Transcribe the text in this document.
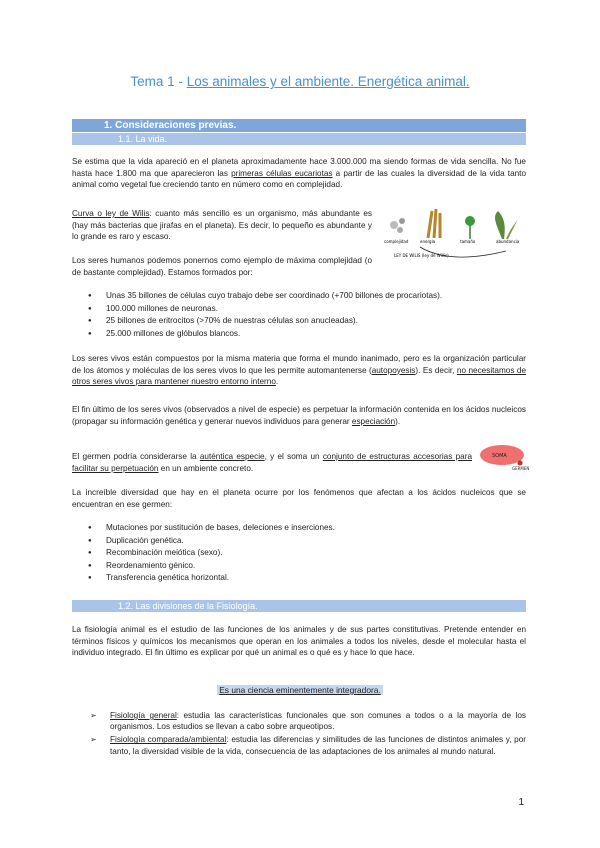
Tema 1 - Los animales y el ambiente. Energética animal.
1. Consideraciones previas.
1.1. La vida.

Se estima que la vida apareció en el planeta aproximadamente hace 3.000.000 ma siendo formas de vida sencilla. No fue hasta hace 1.800 ma que aparecieron las primeras células eucariotas a partir de las cuales la diversidad de la vida tanto animal como vegetal fue creciendo tanto en número como en complejidad.

Curva o ley de Wilis: cuanto más sencillo es un organismo, más abundante es (hay más bacterias que jirafas en el planeta). Es decir, lo pequeño es abundante y lo grande es raro y escaso.

complejidad	energía	tamaño	abundancia
LEY DE WILIS (ley de Willis)

Los seres humanos podemos ponernos como ejemplo de máxima complejidad (o de bastante complejidad). Estamos formados por:

● Unas 35 billones de células cuyo trabajo debe ser coordinado (+700 billones de procariotas).
● 100.000 millones de neuronas.
● 25 billones de eritrocitos (>70% de nuestras células son anucleadas).
● 25.000 millones de glóbulos blancos.

Los seres vivos están compuestos por la misma materia que forma el mundo inanimado, pero es la organización particular de los átomos y moléculas de los seres vivos lo que les permite automantenerse (autopoyesis). Es decir, no necesitamos de otros seres vivos para mantener nuestro entorno interno.

El fin último de los seres vivos (observados a nivel de especie) es perpetuar la información contenida en los ácidos nucleicos (propagar su información genética y generar nuevos individuos para generar especiación).

El germen podría considerarse la auténtica especie, y el soma un conjunto de estructuras accesorias para facilitar su perpetuación en un ambiente concreto.

SOMA
GERMEN

La increíble diversidad que hay en el planeta ocurre por los fenómenos que afectan a los ácidos nucleicos que se encuentran en ese germen:

● Mutaciones por sustitución de bases, deleciones e inserciones.
● Duplicación genética.
● Recombinación meiótica (sexo).
● Reordenamiento génico.
● Transferencia genética horizontal.
1.2. Las divisiones de la Fisiología.

La fisiología animal es el estudio de las funciones de los animales y de sus partes constitutivas. Pretende entender en términos físicos y químicos los mecanismos que operan en los animales a todos los niveles, desde el molecular hasta el individuo integrado. El fin último es explicar por qué un animal es o qué es y hace lo que hace.

Es una ciencia eminentemente integradora.
➢ Fisiología general: estudia las características funcionales que son comunes a todos o a la mayoría de los organismos. Los estudios se llevan a cabo sobre arqueotipos.
➢ Fisiología comparada/ambiental: estudia las diferencias y similitudes de las funciones de distintos animales y, por tanto, la diversidad visible de la vida, consecuencia de las adaptaciones de los animales al mundo natural.
1
